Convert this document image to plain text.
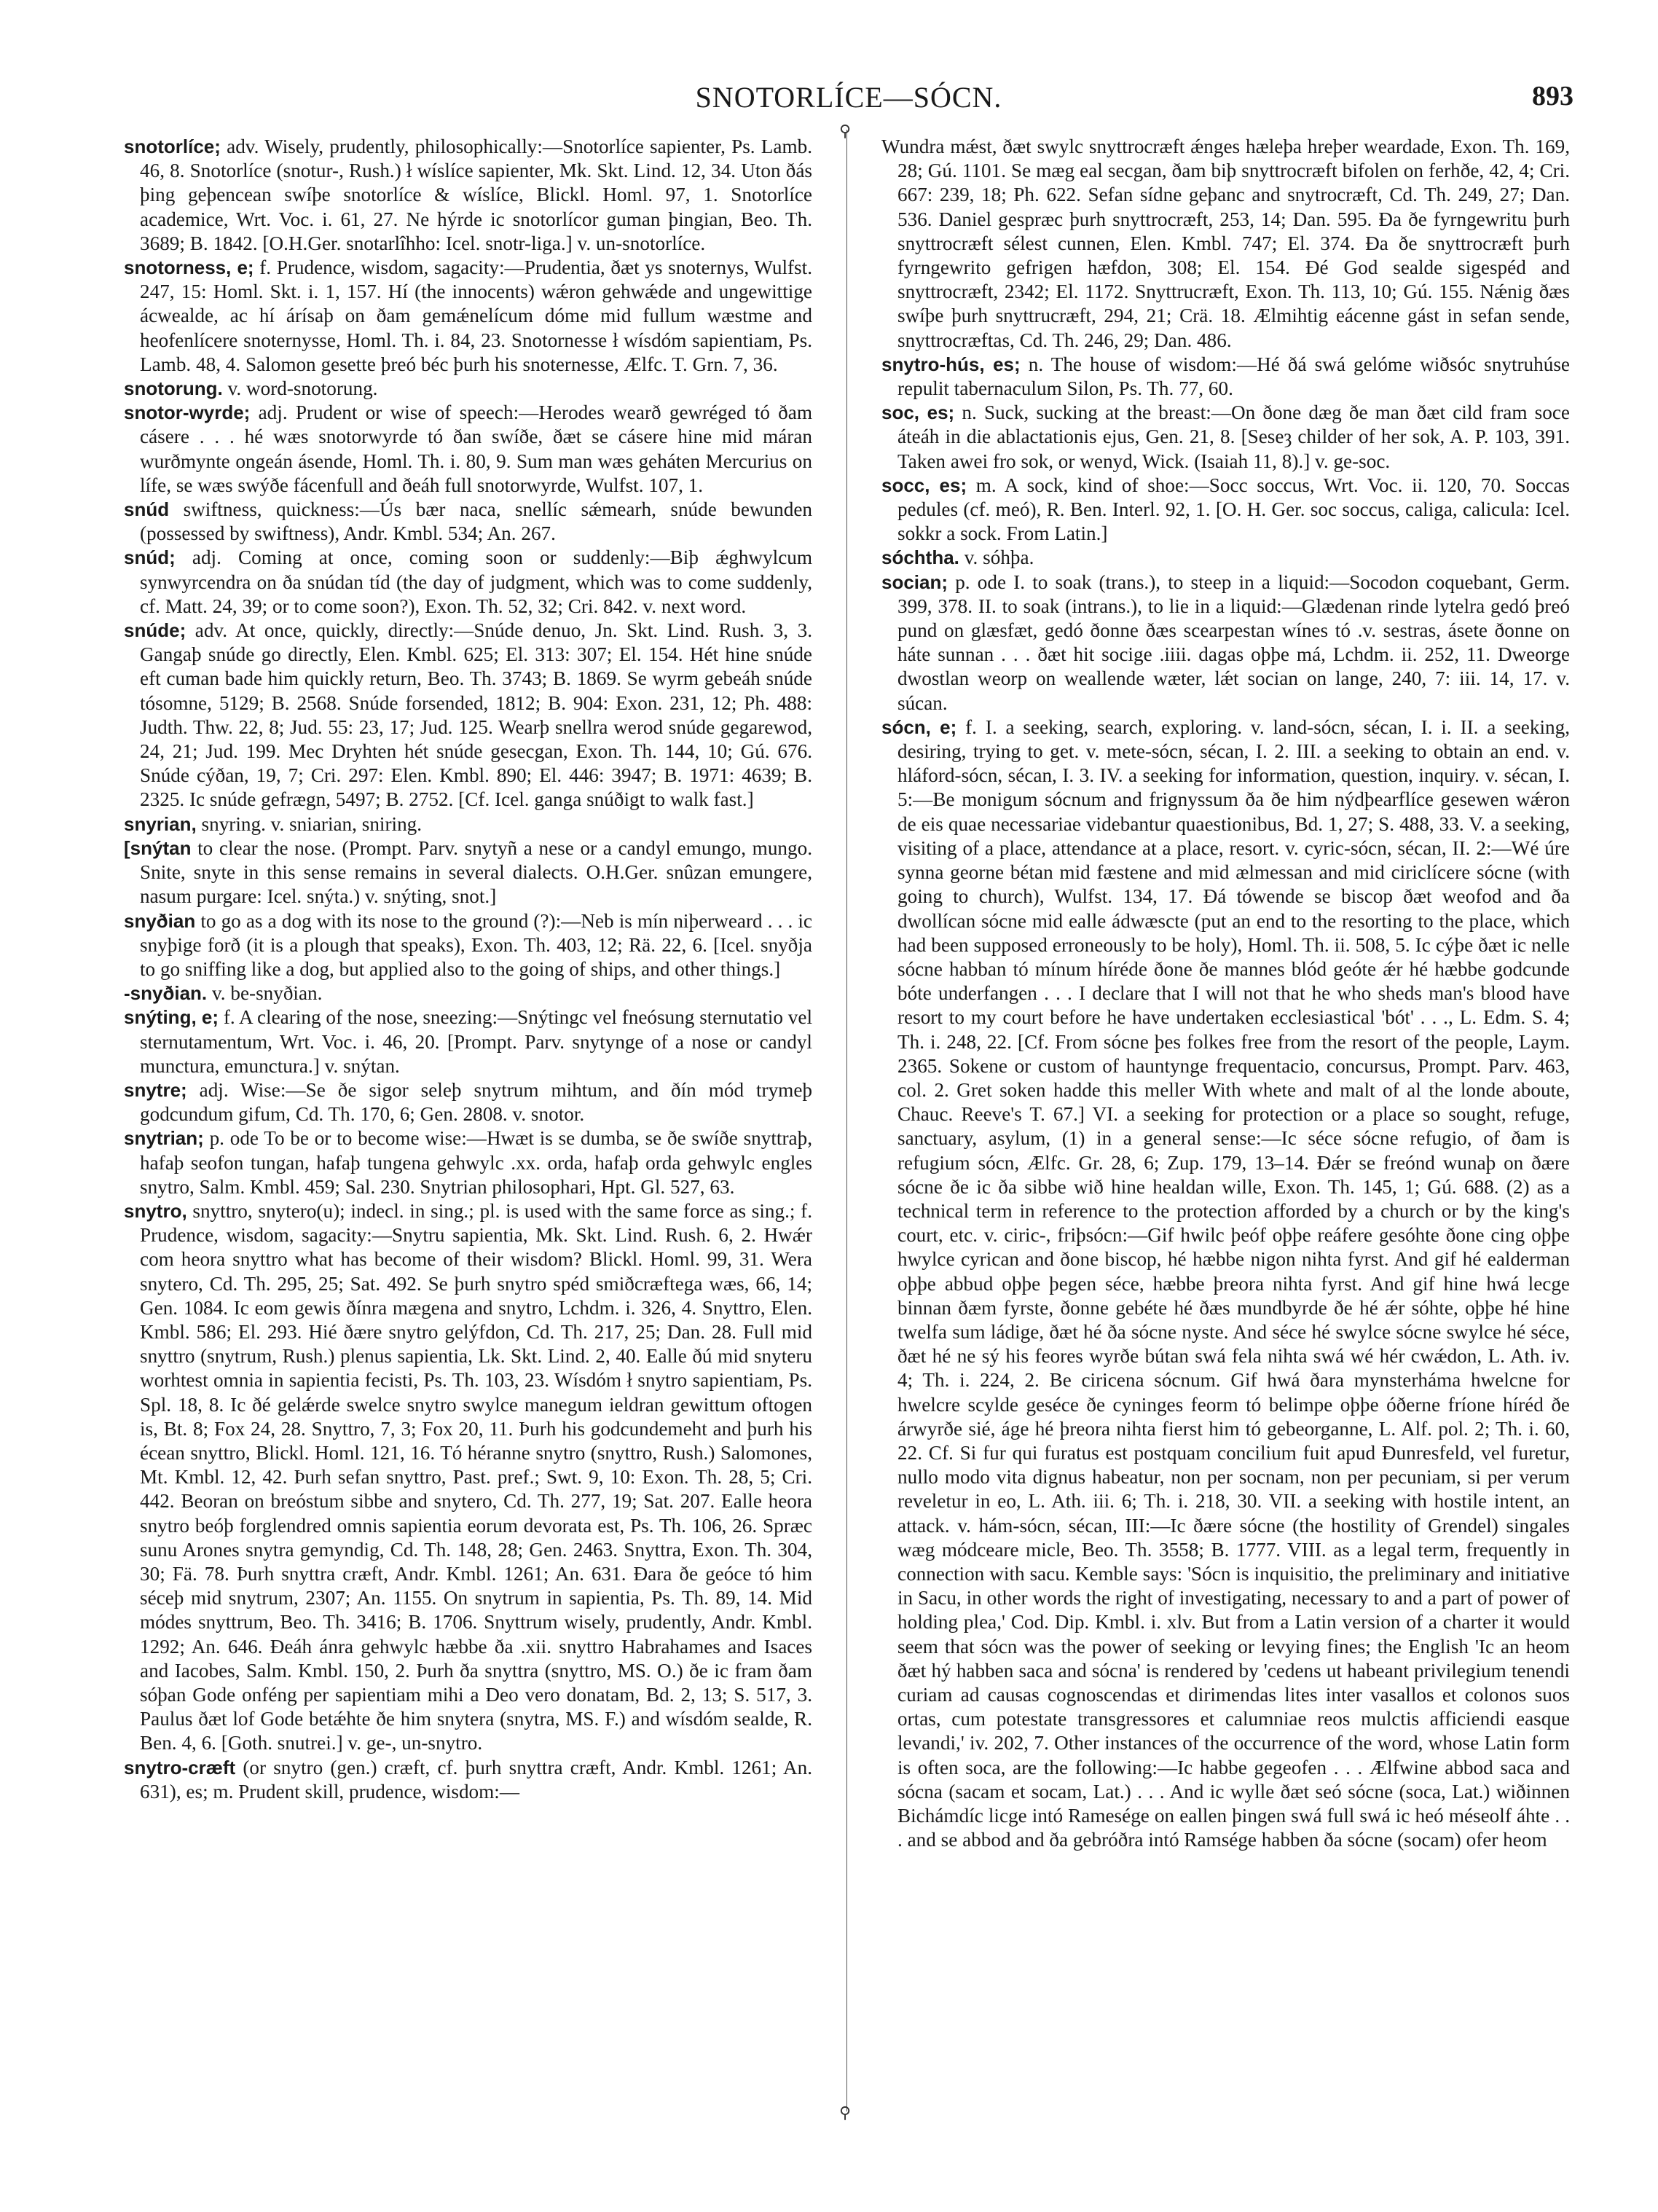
SNOTORLÍCE—SÓCN.	893
⚲
⚲

snotorlíce; adv. Wisely, prudently, philosophically:—Snotorlíce sapienter, Ps. Lamb. 46, 8. Snotorlíce (snotur-, Rush.) ł wíslíce sapienter, Mk. Skt. Lind. 12, 34. Uton ðás þing geþencean swíþe snotorlíce & wíslíce, Blickl. Homl. 97, 1. Snotorlíce academice, Wrt. Voc. i. 61, 27. Ne hýrde ic snotorlícor guman þingian, Beo. Th. 3689; B. 1842. [O.H.Ger. snotarlîhho: Icel. snotr-liga.] v. un-snotorlíce.

snotorness, e; f. Prudence, wisdom, sagacity:—Prudentia, ðæt ys snoternys, Wulfst. 247, 15: Homl. Skt. i. 1, 157. Hí (the innocents) wǽron gehwǽde and ungewittige ácwealde, ac hí árísaþ on ðam gemǽnelícum dóme mid fullum wæstme and heofenlícere snoternysse, Homl. Th. i. 84, 23. Snotornesse ł wísdóm sapientiam, Ps. Lamb. 48, 4. Salomon gesette þreó béc þurh his snoternesse, Ælfc. T. Grn. 7, 36.

snotorung. v. word-snotorung.

snotor-wyrde; adj. Prudent or wise of speech:—Herodes wearð gewréged tó ðam cásere . . . hé wæs snotorwyrde tó ðan swíðe, ðæt se cásere hine mid máran wurðmynte ongeán ásende, Homl. Th. i. 80, 9. Sum man wæs geháten Mercurius on lífe, se wæs swýðe fácenfull and ðeáh full snotorwyrde, Wulfst. 107, 1.

snúd swiftness, quickness:—Ús bær naca, snellíc sǽmearh, snúde bewunden (possessed by swiftness), Andr. Kmbl. 534; An. 267.

snúd; adj. Coming at once, coming soon or suddenly:—Biþ ǽghwylcum synwyrcendra on ða snúdan tíd (the day of judgment, which was to come suddenly, cf. Matt. 24, 39; or to come soon?), Exon. Th. 52, 32; Cri. 842. v. next word.

snúde; adv. At once, quickly, directly:—Snúde denuo, Jn. Skt. Lind. Rush. 3, 3. Gangaþ snúde go directly, Elen. Kmbl. 625; El. 313: 307; El. 154. Hét hine snúde eft cuman bade him quickly return, Beo. Th. 3743; B. 1869. Se wyrm gebeáh snúde tósomne, 5129; B. 2568. Snúde forsended, 1812; B. 904: Exon. 231, 12; Ph. 488: Judth. Thw. 22, 8; Jud. 55: 23, 17; Jud. 125. Wearþ snellra werod snúde gegarewod, 24, 21; Jud. 199. Mec Dryhten hét snúde gesecgan, Exon. Th. 144, 10; Gú. 676. Snúde cýðan, 19, 7; Cri. 297: Elen. Kmbl. 890; El. 446: 3947; B. 1971: 4639; B. 2325. Ic snúde gefrægn, 5497; B. 2752. [Cf. Icel. ganga snúðigt to walk fast.]

snyrian, snyring. v. sniarian, sniring.

[snýtan to clear the nose. (Prompt. Parv. snytyñ a nese or a candyl emungo, mungo. Snite, snyte in this sense remains in several dialects. O.H.Ger. snûzan emungere, nasum purgare: Icel. snýta.) v. snýting, snot.]

snyðian to go as a dog with its nose to the ground (?):—Neb is mín niþerweard . . . ic snyþige forð (it is a plough that speaks), Exon. Th. 403, 12; Rä. 22, 6. [Icel. snyðja to go sniffing like a dog, but applied also to the going of ships, and other things.]

-snyðian. v. be-snyðian.

snýting, e; f. A clearing of the nose, sneezing:—Snýtingc vel fneósung sternutatio vel sternutamentum, Wrt. Voc. i. 46, 20. [Prompt. Parv. snytynge of a nose or candyl munctura, emunctura.] v. snýtan.

snytre; adj. Wise:—Se ðe sigor seleþ snytrum mihtum, and ðín mód trymeþ godcundum gifum, Cd. Th. 170, 6; Gen. 2808. v. snotor.

snytrian; p. ode To be or to become wise:—Hwæt is se dumba, se ðe swíðe snyttraþ, hafaþ seofon tungan, hafaþ tungena gehwylc .xx. orda, hafaþ orda gehwylc engles snytro, Salm. Kmbl. 459; Sal. 230. Snytrian philosophari, Hpt. Gl. 527, 63.

snytro, snyttro, snytero(u); indecl. in sing.; pl. is used with the same force as sing.; f. Prudence, wisdom, sagacity:—Snytru sapientia, Mk. Skt. Lind. Rush. 6, 2. Hwǽr com heora snyttro what has become of their wisdom? Blickl. Homl. 99, 31. Wera snytero, Cd. Th. 295, 25; Sat. 492. Se þurh snytro spéd smiðcræftega wæs, 66, 14; Gen. 1084. Ic eom gewis ðínra mægena and snytro, Lchdm. i. 326, 4. Snyttro, Elen. Kmbl. 586; El. 293. Hié ðære snytro gelýfdon, Cd. Th. 217, 25; Dan. 28. Full mid snyttro (snytrum, Rush.) plenus sapientia, Lk. Skt. Lind. 2, 40. Ealle ðú mid snyteru worhtest omnia in sapientia fecisti, Ps. Th. 103, 23. Wísdóm ł snytro sapientiam, Ps. Spl. 18, 8. Ic ðé gelǽrde swelce snytro swylce manegum ieldran gewittum oftogen is, Bt. 8; Fox 24, 28. Snyttro, 7, 3; Fox 20, 11. Þurh his godcundemeht and þurh his écean snyttro, Blickl. Homl. 121, 16. Tó héranne snytro (snyttro, Rush.) Salomones, Mt. Kmbl. 12, 42. Þurh sefan snyttro, Past. pref.; Swt. 9, 10: Exon. Th. 28, 5; Cri. 442. Beoran on breóstum sibbe and snytero, Cd. Th. 277, 19; Sat. 207. Ealle heora snytro beóþ forglendred omnis sapientia eorum devorata est, Ps. Th. 106, 26. Spræc sunu Arones snytra gemyndig, Cd. Th. 148, 28; Gen. 2463. Snyttra, Exon. Th. 304, 30; Fä. 78. Þurh snyttra cræft, Andr. Kmbl. 1261; An. 631. Ðara ðe geóce tó him sécеþ mid snytrum, 2307; An. 1155. On snytrum in sapientia, Ps. Th. 89, 14. Mid módes snyttrum, Beo. Th. 3416; B. 1706. Snyttrum wisely, prudently, Andr. Kmbl. 1292; An. 646. Ðeáh ánra gehwylc hæbbe ða .xii. snyttro Habrahames and Isaces and Iacobes, Salm. Kmbl. 150, 2. Þurh ða snyttra (snyttro, MS. O.) ðe ic fram ðam sóþan Gode onféng per sapientiam mihi a Deo vero donatam, Bd. 2, 13; S. 517, 3. Paulus ðæt lof Gode betǽhte ðe him snytera (snytra, MS. F.) and wísdóm sealde, R. Ben. 4, 6. [Goth. snutrei.] v. ge-, un-snytro.

snytro-cræft (or snytro (gen.) cræft, cf. þurh snyttra cræft, Andr. Kmbl. 1261; An. 631), es; m. Prudent skill, prudence, wisdom:—

Wundra mǽst, ðæt swylc snyttrocræft ǽnges hæleþa hreþer weardade, Exon. Th. 169, 28; Gú. 1101. Se mæg eal secgan, ðam biþ snyttrocræft bifolen on ferhðe, 42, 4; Cri. 667: 239, 18; Ph. 622. Sefan sídne geþanc and snytrocræft, Cd. Th. 249, 27; Dan. 536. Daniel gespræc þurh snyttrocræft, 253, 14; Dan. 595. Ða ðe fyrngewritu þurh snyttrocræft sélest cunnen, Elen. Kmbl. 747; El. 374. Ða ðe snyttrocræft þurh fyrngewrito gefrigen hæfdon, 308; El. 154. Ðé God sealde sigespéd and snyttrocræft, 2342; El. 1172. Snyttrucræft, Exon. Th. 113, 10; Gú. 155. Nǽnig ðæs swíþe þurh snyttrucræft, 294, 21; Crä. 18. Ælmihtig eácenne gást in sefan sende, snyttrocræftas, Cd. Th. 246, 29; Dan. 486.

snytro-hús, es; n. The house of wisdom:—Hé ðá swá gelóme wiðsóc snytruhúse repulit tabernaculum Silon, Ps. Th. 77, 60.

soc, es; n. Suck, sucking at the breast:—On ðone dæg ðe man ðæt cild fram soce áteáh in die ablactationis ejus, Gen. 21, 8. [Seseȝ childer of her sok, A. P. 103, 391. Taken awei fro sok, or wenyd, Wick. (Isaiah 11, 8).] v. ge-soc.

socc, es; m. A sock, kind of shoe:—Socc soccus, Wrt. Voc. ii. 120, 70. Soccas pedules (cf. meó), R. Ben. Interl. 92, 1. [O. H. Ger. soc soccus, caliga, calicula: Icel. sokkr a sock. From Latin.]

sóchtha. v. sóhþa.

socian; p. ode I. to soak (trans.), to steep in a liquid:—Socodon coquebant, Germ. 399, 378. II. to soak (intrans.), to lie in a liquid:—Glædenan rinde lytelra gedó þreó pund on glæsfæt, gedó ðonne ðæs scearpestan wínes tó .v. sestras, ásete ðonne on háte sunnan . . . ðæt hit socige .iiii. dagas oþþe má, Lchdm. ii. 252, 11. Dweorge dwostlan weorp on weallende wæter, lǽt socian on lange, 240, 7: iii. 14, 17. v. súcan.

sócn, e; f. I. a seeking, search, exploring. v. land-sócn, sécan, I. i. II. a seeking, desiring, trying to get. v. mete-sócn, sécan, I. 2. III. a seeking to obtain an end. v. hláford-sócn, sécan, I. 3. IV. a seeking for information, question, inquiry. v. sécan, I. 5:—Be monigum sócnum and frignyssum ða ðe him nýdþearflíce gesewen wǽron de eis quae necessariae videbantur quaestionibus, Bd. 1, 27; S. 488, 33. V. a seeking, visiting of a place, attendance at a place, resort. v. cyric-sócn, sécan, II. 2:—Wé úre synna geornе bétan mid fæstene and mid ælmessan and mid ciriclícere sócne (with going to church), Wulfst. 134, 17. Ðá tówende se biscop ðæt weofod and ða dwollícan sócne mid ealle ádwæscte (put an end to the resorting to the place, which had been supposed erroneously to be holy), Homl. Th. ii. 508, 5. Ic cýþe ðæt ic nelle sócne habban tó mínum híréde ðone ðe mannes blód geóte ǽr hé hæbbe godcunde bóte underfangen . . . I declare that I will not that he who sheds man's blood have resort to my court before he have undertaken ecclesiastical 'bót' . . ., L. Edm. S. 4; Th. i. 248, 22. [Cf. From sócne þes folkes free from the resort of the people, Laym. 2365. Sokene or custom of hauntynge frequentacio, concursus, Prompt. Parv. 463, col. 2. Gret soken hadde this meller With whete and malt of al the londe aboute, Chauc. Reeve's T. 67.] VI. a seeking for protection or a place so sought, refuge, sanctuary, asylum, (1) in a general sense:—Ic séce sócne refugio, of ðam is refugium sócn, Ælfc. Gr. 28, 6; Zup. 179, 13–14. Ðǽr se freónd wunaþ on ðære sócne ðe ic ða sibbe wið hine healdan wille, Exon. Th. 145, 1; Gú. 688. (2) as a technical term in reference to the protection afforded by a church or by the king's court, etc. v. ciric-, friþsócn:—Gif hwilc þeóf oþþe reáfere gesóhte ðone cing oþþe hwylce cyrican and ðone biscop, hé hæbbe nigon nihta fyrst. And gif hé ealderman oþþe abbud oþþe þegen séce, hæbbe þreora nihta fyrst. And gif hine hwá lecge binnan ðæm fyrste, ðonne gebéte hé ðæs mundbyrde ðe hé ǽr sóhte, oþþe hé hine twelfa sum ládige, ðæt hé ða sócne nyste. And séce hé swylce sócne swylce hé séce, ðæt hé ne sý his feores wyrðe bútan swá fela nihta swá wé hér cwǽdon, L. Ath. iv. 4; Th. i. 224, 2. Be ciricena sócnum. Gif hwá ðara mynsterháma hwelcne for hwelcre scylde geséce ðe cyninges feorm tó belimpe oþþe óðerne fríone híréd ðe árwyrðe sié, áge hé þreora nihta fierst him tó gebeorganne, L. Alf. pol. 2; Th. i. 60, 22. Cf. Si fur qui furatus est postquam concilium fuit apud Ðunresfeld, vel furetur, nullo modo vita dignus habeatur, non per socnam, non per pecuniam, si per verum reveletur in eo, L. Ath. iii. 6; Th. i. 218, 30. VII. a seeking with hostile intent, an attack. v. hám-sócn, sécan, III:—Ic ðære sócne (the hostility of Grendel) singales wæg módceare micle, Beo. Th. 3558; B. 1777. VIII. as a legal term, frequently in connection with sacu. Kemble says: 'Sócn is inquisitio, the preliminary and initiative in Sacu, in other words the right of investigating, necessary to and a part of power of holding plea,' Cod. Dip. Kmbl. i. xlv. But from a Latin version of a charter it would seem that sócn was the power of seeking or levying fines; the English 'Ic an heom ðæt hý habben saca and sócna' is rendered by 'cedens ut habeant privilegium tenendi curiam ad causas cognoscendas et dirimendas lites inter vasallos et colonos suos ortas, cum potestate transgressores et calumniae reos mulctis afficiendi easque levandi,' iv. 202, 7. Other instances of the occurrence of the word, whose Latin form is often soca, are the following:—Ic habbe gegeofen . . . Ælfwine abbod saca and sócna (sacam et socam, Lat.) . . . And ic wylle ðæt seó sócne (soca, Lat.) wiðinnen Bichámdíc licge intó Ramesége on eallen þingen swá full swá ic heó méseolf áhte . . . and se abbod and ða gebróðra intó Ramsége habben ða sócne (socam) ofer heom
